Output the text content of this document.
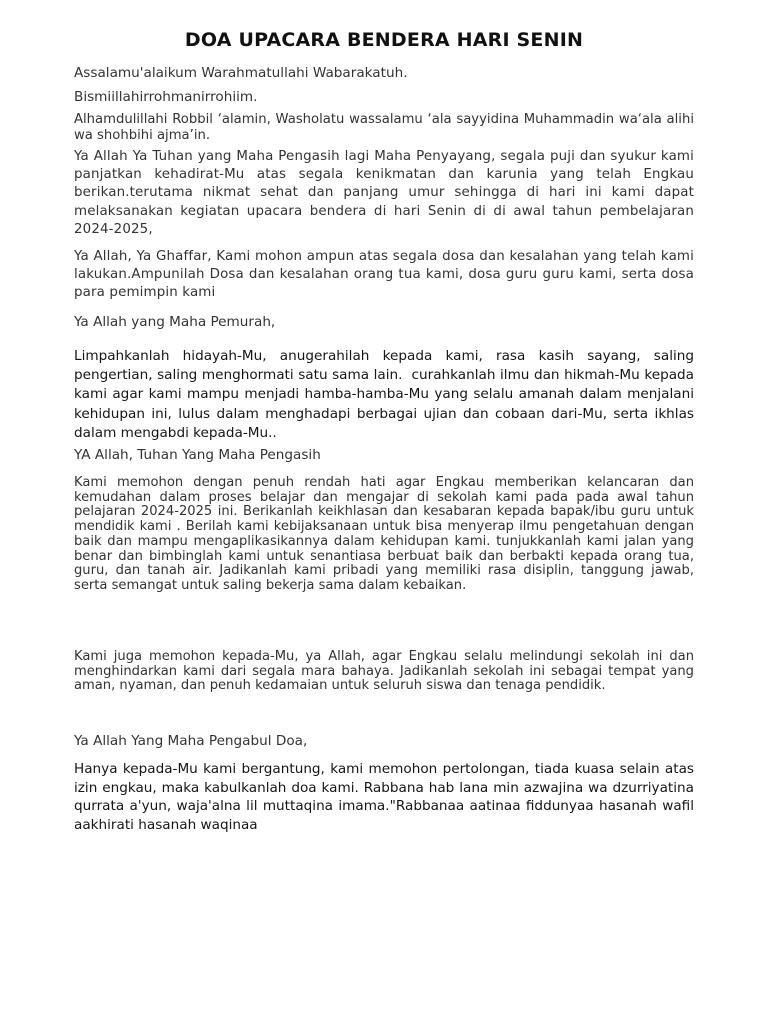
DOA UPACARA BENDERA HARI SENIN

Assalamu'alaikum Warahmatullahi Wabarakatuh.

Bismiillahirrohmanirrohiim.

Alhamdulillahi Robbil ‘alamin, Washolatu wassalamu ‘ala sayyidina Muhammadin wa‘ala alihi wa shohbihi ajma’in.

Ya Allah Ya Tuhan yang Maha Pengasih lagi Maha Penyayang, segala puji dan syukur kami panjatkan kehadirat-Mu atas segala kenikmatan dan karunia yang telah Engkau berikan.terutama nikmat sehat dan panjang umur sehingga di hari ini kami dapat melaksanakan kegiatan upacara bendera di hari Senin di di awal tahun pembelajaran 2024-2025,

Ya Allah, Ya Ghaffar, Kami mohon ampun atas segala dosa dan kesalahan yang telah kami lakukan.Ampunilah Dosa dan kesalahan orang tua kami, dosa guru guru kami, serta dosa para pemimpin kami

Ya Allah yang Maha Pemurah,

Limpahkanlah hidayah-Mu, anugerahilah kepada kami, rasa kasih sayang, saling pengertian, saling menghormati satu sama lain. curahkanlah ilmu dan hikmah-Mu kepada kami agar kami mampu menjadi hamba-hamba-Mu yang selalu amanah dalam menjalani kehidupan ini, lulus dalam menghadapi berbagai ujian dan cobaan dari-Mu, serta ikhlas dalam mengabdi kepada-Mu..

YA Allah, Tuhan Yang Maha Pengasih

Kami memohon dengan penuh rendah hati agar Engkau memberikan kelancaran dan kemudahan dalam proses belajar dan mengajar di sekolah kami pada pada awal tahun pelajaran 2024-2025 ini. Berikanlah keikhlasan dan kesabaran kepada bapak/ibu guru untuk mendidik kami . Berilah kami kebijaksanaan untuk bisa menyerap ilmu pengetahuan dengan baik dan mampu mengaplikasikannya dalam kehidupan kami. tunjukkanlah kami jalan yang benar dan bimbinglah kami untuk senantiasa berbuat baik dan berbakti kepada orang tua, guru, dan tanah air. Jadikanlah kami pribadi yang memiliki rasa disiplin, tanggung jawab, serta semangat untuk saling bekerja sama dalam kebaikan.

Kami juga memohon kepada-Mu, ya Allah, agar Engkau selalu melindungi sekolah ini dan menghindarkan kami dari segala mara bahaya. Jadikanlah sekolah ini sebagai tempat yang aman, nyaman, dan penuh kedamaian untuk seluruh siswa dan tenaga pendidik.

Ya Allah Yang Maha Pengabul Doa,

Hanya kepada-Mu kami bergantung, kami memohon pertolongan, tiada kuasa selain atas izin engkau, maka kabulkanlah doa kami. Rabbana hab lana min azwajina wa dzurriyatina qurrata a'yun, waja'alna lil muttaqina imama."Rabbanaa aatinaa fiddunyaa hasanah wafil aakhirati hasanah waqinaa
